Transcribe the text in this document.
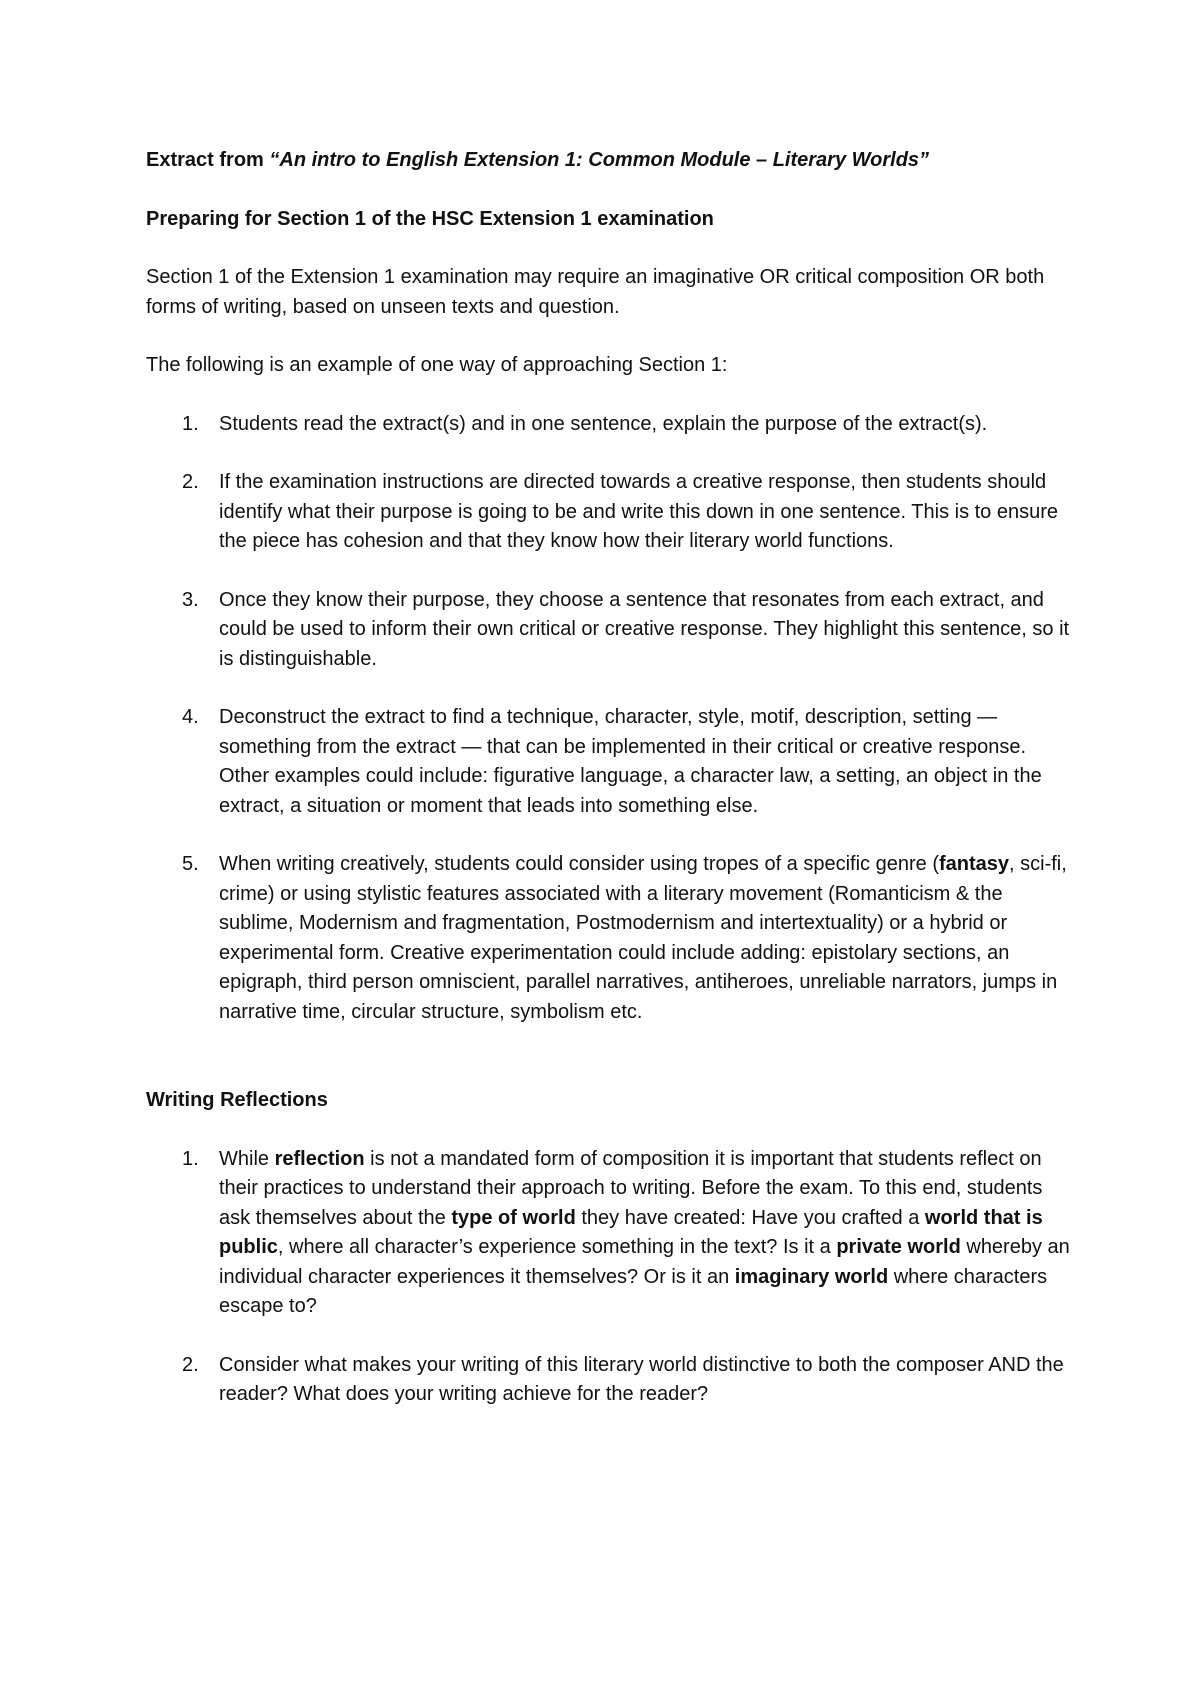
Extract from “An intro to English Extension 1: Common Module – Literary Worlds”

Preparing for Section 1 of the HSC Extension 1 examination

Section 1 of the Extension 1 examination may require an imaginative OR critical composition OR both forms of writing, based on unseen texts and question.

The following is an example of one way of approaching Section 1:

1. Students read the extract(s) and in one sentence, explain the purpose of the extract(s).
2. If the examination instructions are directed towards a creative response, then students should identify what their purpose is going to be and write this down in one sentence. This is to ensure the piece has cohesion and that they know how their literary world functions.
3. Once they know their purpose, they choose a sentence that resonates from each extract, and could be used to inform their own critical or creative response. They highlight this sentence, so it is distinguishable.
4. Deconstruct the extract to find a technique, character, style, motif, description, setting — something from the extract — that can be implemented in their critical or creative response. Other examples could include: figurative language, a character law, a setting, an object in the extract, a situation or moment that leads into something else.
5. When writing creatively, students could consider using tropes of a specific genre (fantasy, sci-fi, crime) or using stylistic features associated with a literary movement (Romanticism & the sublime, Modernism and fragmentation, Postmodernism and intertextuality) or a hybrid or experimental form. Creative experimentation could include adding: epistolary sections, an epigraph, third person omniscient, parallel narratives, antiheroes, unreliable narrators, jumps in narrative time, circular structure, symbolism etc.

Writing Reflections

1. While reflection is not a mandated form of composition it is important that students reflect on their practices to understand their approach to writing. Before the exam. To this end, students ask themselves about the type of world they have created: Have you crafted a world that is public, where all character’s experience something in the text? Is it a private world whereby an individual character experiences it themselves? Or is it an imaginary world where characters escape to?
2. Consider what makes your writing of this literary world distinctive to both the composer AND the reader? What does your writing achieve for the reader?
